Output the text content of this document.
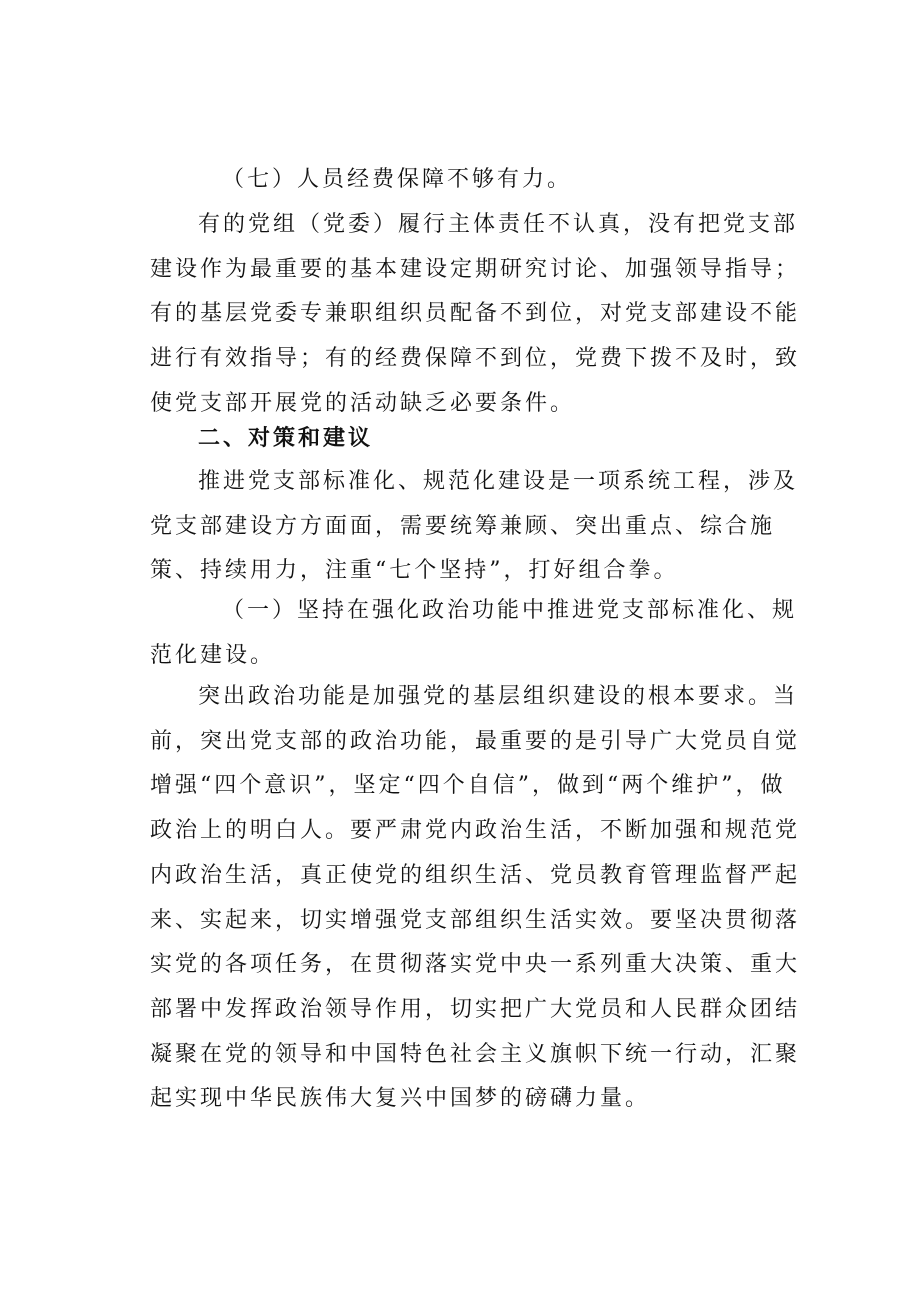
（七）人员经费保障不够有力。

有的党组（党委）履行主体责任不认真，没有把党支部建设作为最重要的基本建设定期研究讨论、加强领导指导；有的基层党委专兼职组织员配备不到位，对党支部建设不能进行有效指导；有的经费保障不到位，党费下拨不及时，致使党支部开展党的活动缺乏必要条件。

二、对策和建议

推进党支部标准化、规范化建设是一项系统工程，涉及党支部建设方方面面，需要统筹兼顾、突出重点、综合施策、持续用力，注重“七个坚持”，打好组合拳。

（一）坚持在强化政治功能中推进党支部标准化、规范化建设。

突出政治功能是加强党的基层组织建设的根本要求。当前，突出党支部的政治功能，最重要的是引导广大党员自觉增强“四个意识”，坚定“四个自信”，做到“两个维护”，做政治上的明白人。要严肃党内政治生活，不断加强和规范党内政治生活，真正使党的组织生活、党员教育管理监督严起来、实起来，切实增强党支部组织生活实效。要坚决贯彻落实党的各项任务，在贯彻落实党中央一系列重大决策、重大部署中发挥政治领导作用，切实把广大党员和人民群众团结凝聚在党的领导和中国特色社会主义旗帜下统一行动，汇聚起实现中华民族伟大复兴中国梦的磅礴力量。
